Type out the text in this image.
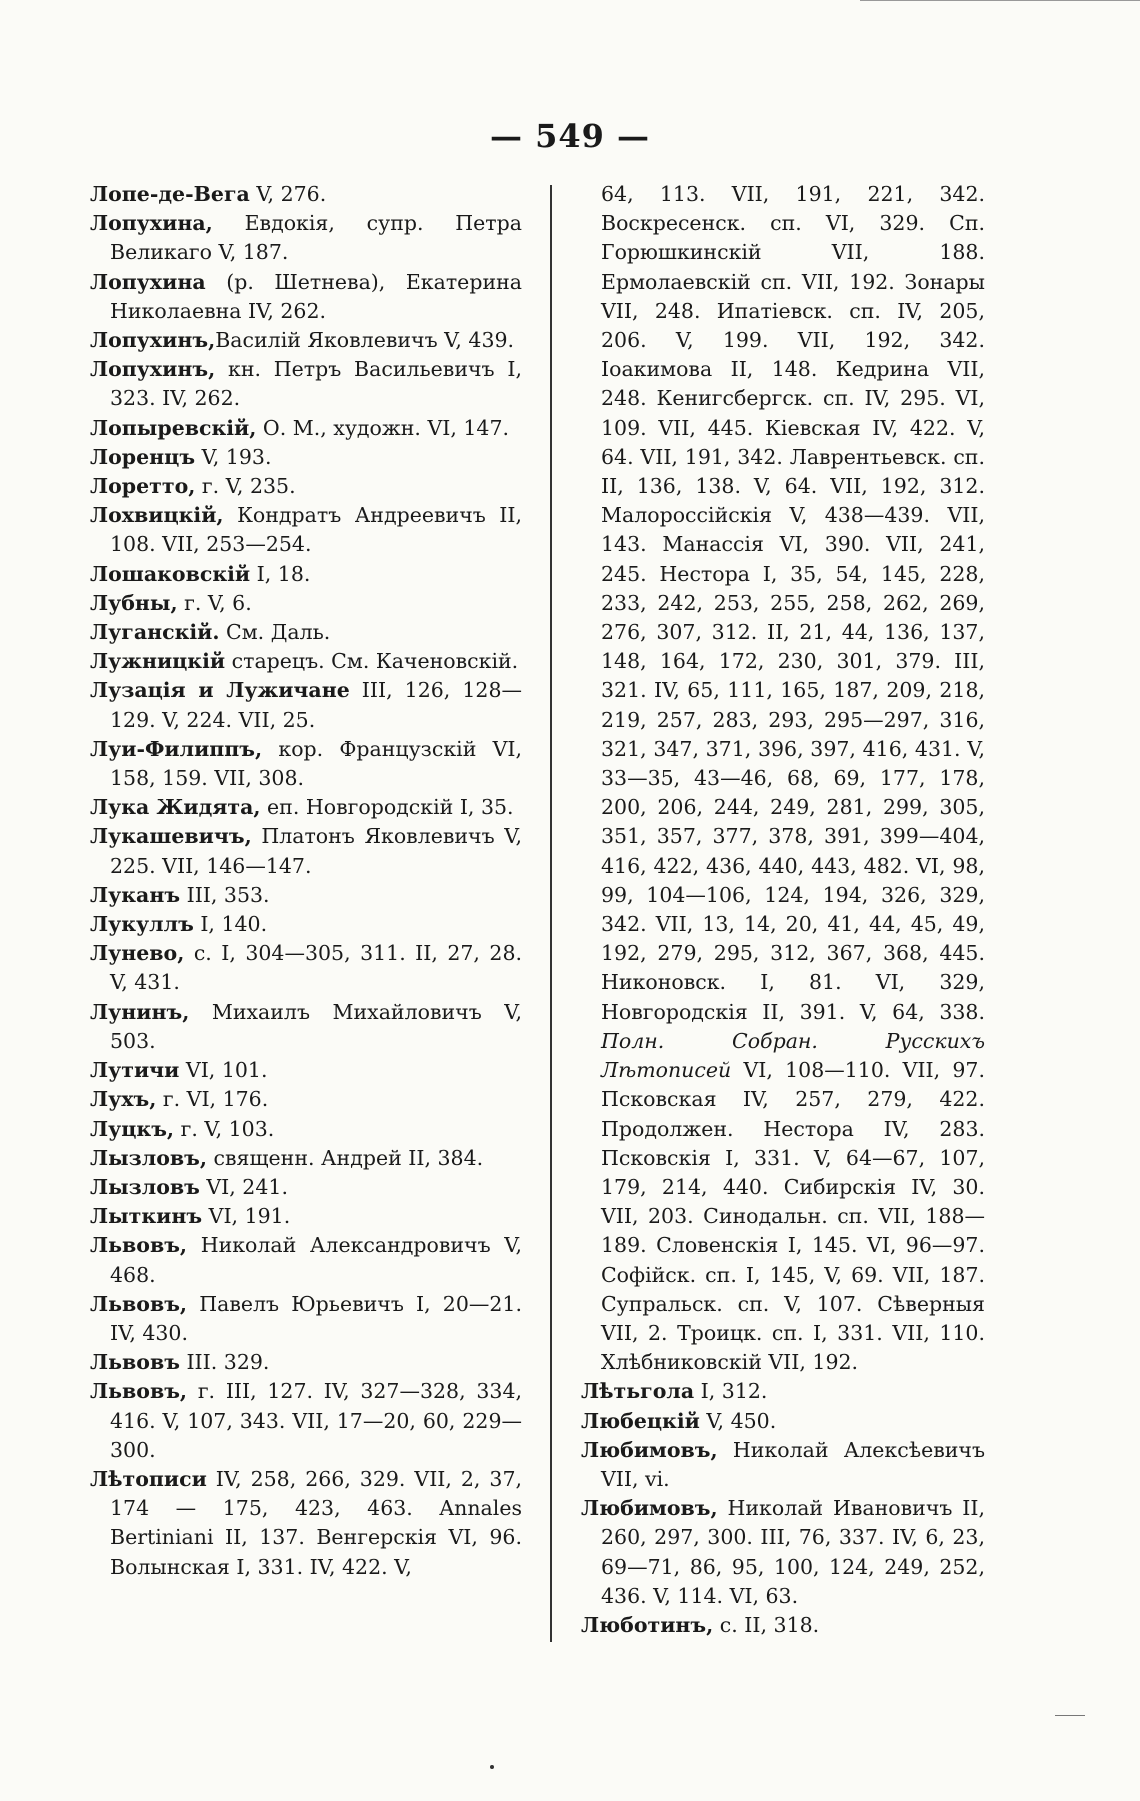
— 549 —

Лопе-де-Вега V, 276.

Лопухина, Евдокія, супр. Петра Великаго V, 187.

Лопухина (р. Шетнева), Екатерина Николаевна IV, 262.

Лопухинъ,Василій Яковлевичъ V, 439.

Лопухинъ, кн. Петръ Васильевичъ I, 323. IV, 262.

Лопыревскій, О. М., художн. VI, 147.

Лоренцъ V, 193.

Лоретто, г. V, 235.

Лохвицкій, Кондратъ Андреевичъ II, 108. VII, 253—254.

Лошаковскій I, 18.

Лубны, г. V, 6.

Луганскій. См. Даль.

Лужницкій старецъ. См. Каченовскій.

Лузація и Лужичане III, 126, 128—129. V, 224. VII, 25.

Луи-Филиппъ, кор. Французскій VI, 158, 159. VII, 308.

Лука Жидята, еп. Новгородскій I, 35.

Лукашевичъ, Платонъ Яковлевичъ V, 225. VII, 146—147.

Луканъ III, 353.

Лукуллъ I, 140.

Лунево, с. I, 304—305, 311. II, 27, 28. V, 431.

Лунинъ, Михаилъ Михайловичъ V, 503.

Лутичи VI, 101.

Лухъ, г. VI, 176.

Луцкъ, г. V, 103.

Лызловъ, священн. Андрей II, 384.

Лызловъ VI, 241.

Лыткинъ VI, 191.

Львовъ, Николай Александровичъ V, 468.

Львовъ, Павелъ Юрьевичъ I, 20—21. IV, 430.

Львовъ III. 329.

Львовъ, г. III, 127. IV, 327—328, 334, 416. V, 107, 343. VII, 17—20, 60, 229—300.

Лѣтописи IV, 258, 266, 329. VII, 2, 37, 174 — 175, 423, 463. Annales Bertiniani II, 137. Венгерскія VI, 96. Волынская I, 331. IV, 422. V,

64, 113. VII, 191, 221, 342. Воскресенск. сп. VI, 329. Сп. Горюшкинскій VII, 188. Ермолаевскій сп. VII, 192. Зонары VII, 248. Ипатіевск. сп. IV, 205, 206. V, 199. VII, 192, 342. Іоакимова II, 148. Кедрина VII, 248. Кенигсбергск. сп. IV, 295. VI, 109. VII, 445. Кіевская IV, 422. V, 64. VII, 191, 342. Лаврентьевск. сп. II, 136, 138. V, 64. VII, 192, 312. Малороссійскія V, 438—439. VII, 143. Манассія VI, 390. VII, 241, 245. Нестора I, 35, 54, 145, 228, 233, 242, 253, 255, 258, 262, 269, 276, 307, 312. II, 21, 44, 136, 137, 148, 164, 172, 230, 301, 379. III, 321. IV, 65, 111, 165, 187, 209, 218, 219, 257, 283, 293, 295—297, 316, 321, 347, 371, 396, 397, 416, 431. V, 33—35, 43—46, 68, 69, 177, 178, 200, 206, 244, 249, 281, 299, 305, 351, 357, 377, 378, 391, 399—404, 416, 422, 436, 440, 443, 482. VI, 98, 99, 104—106, 124, 194, 326, 329, 342. VII, 13, 14, 20, 41, 44, 45, 49, 192, 279, 295, 312, 367, 368, 445. Никоновск. I, 81. VI, 329, Новгородскія II, 391. V, 64, 338. Полн. Собран. Русскихъ Лѣтописей VI, 108—110. VII, 97. Псковская IV, 257, 279, 422. Продолжен. Нестора IV, 283. Псковскія I, 331. V, 64—67, 107, 179, 214, 440. Сибирскія IV, 30. VII, 203. Синодальн. сп. VII, 188—189. Словенскія I, 145. VI, 96—97. Софійск. сп. I, 145, V, 69. VII, 187. Супральск. сп. V, 107. Сѣверныя VII, 2. Троицк. сп. I, 331. VII, 110. Хлѣбниковскій VII, 192.

Лѣтьгола I, 312.

Любецкій V, 450.

Любимовъ, Николай Алексѣевичъ VII, vi.

Любимовъ, Николай Ивановичъ II, 260, 297, 300. III, 76, 337. IV, 6, 23, 69—71, 86, 95, 100, 124, 249, 252, 436. V, 114. VI, 63.

Люботинъ, с. II, 318.
